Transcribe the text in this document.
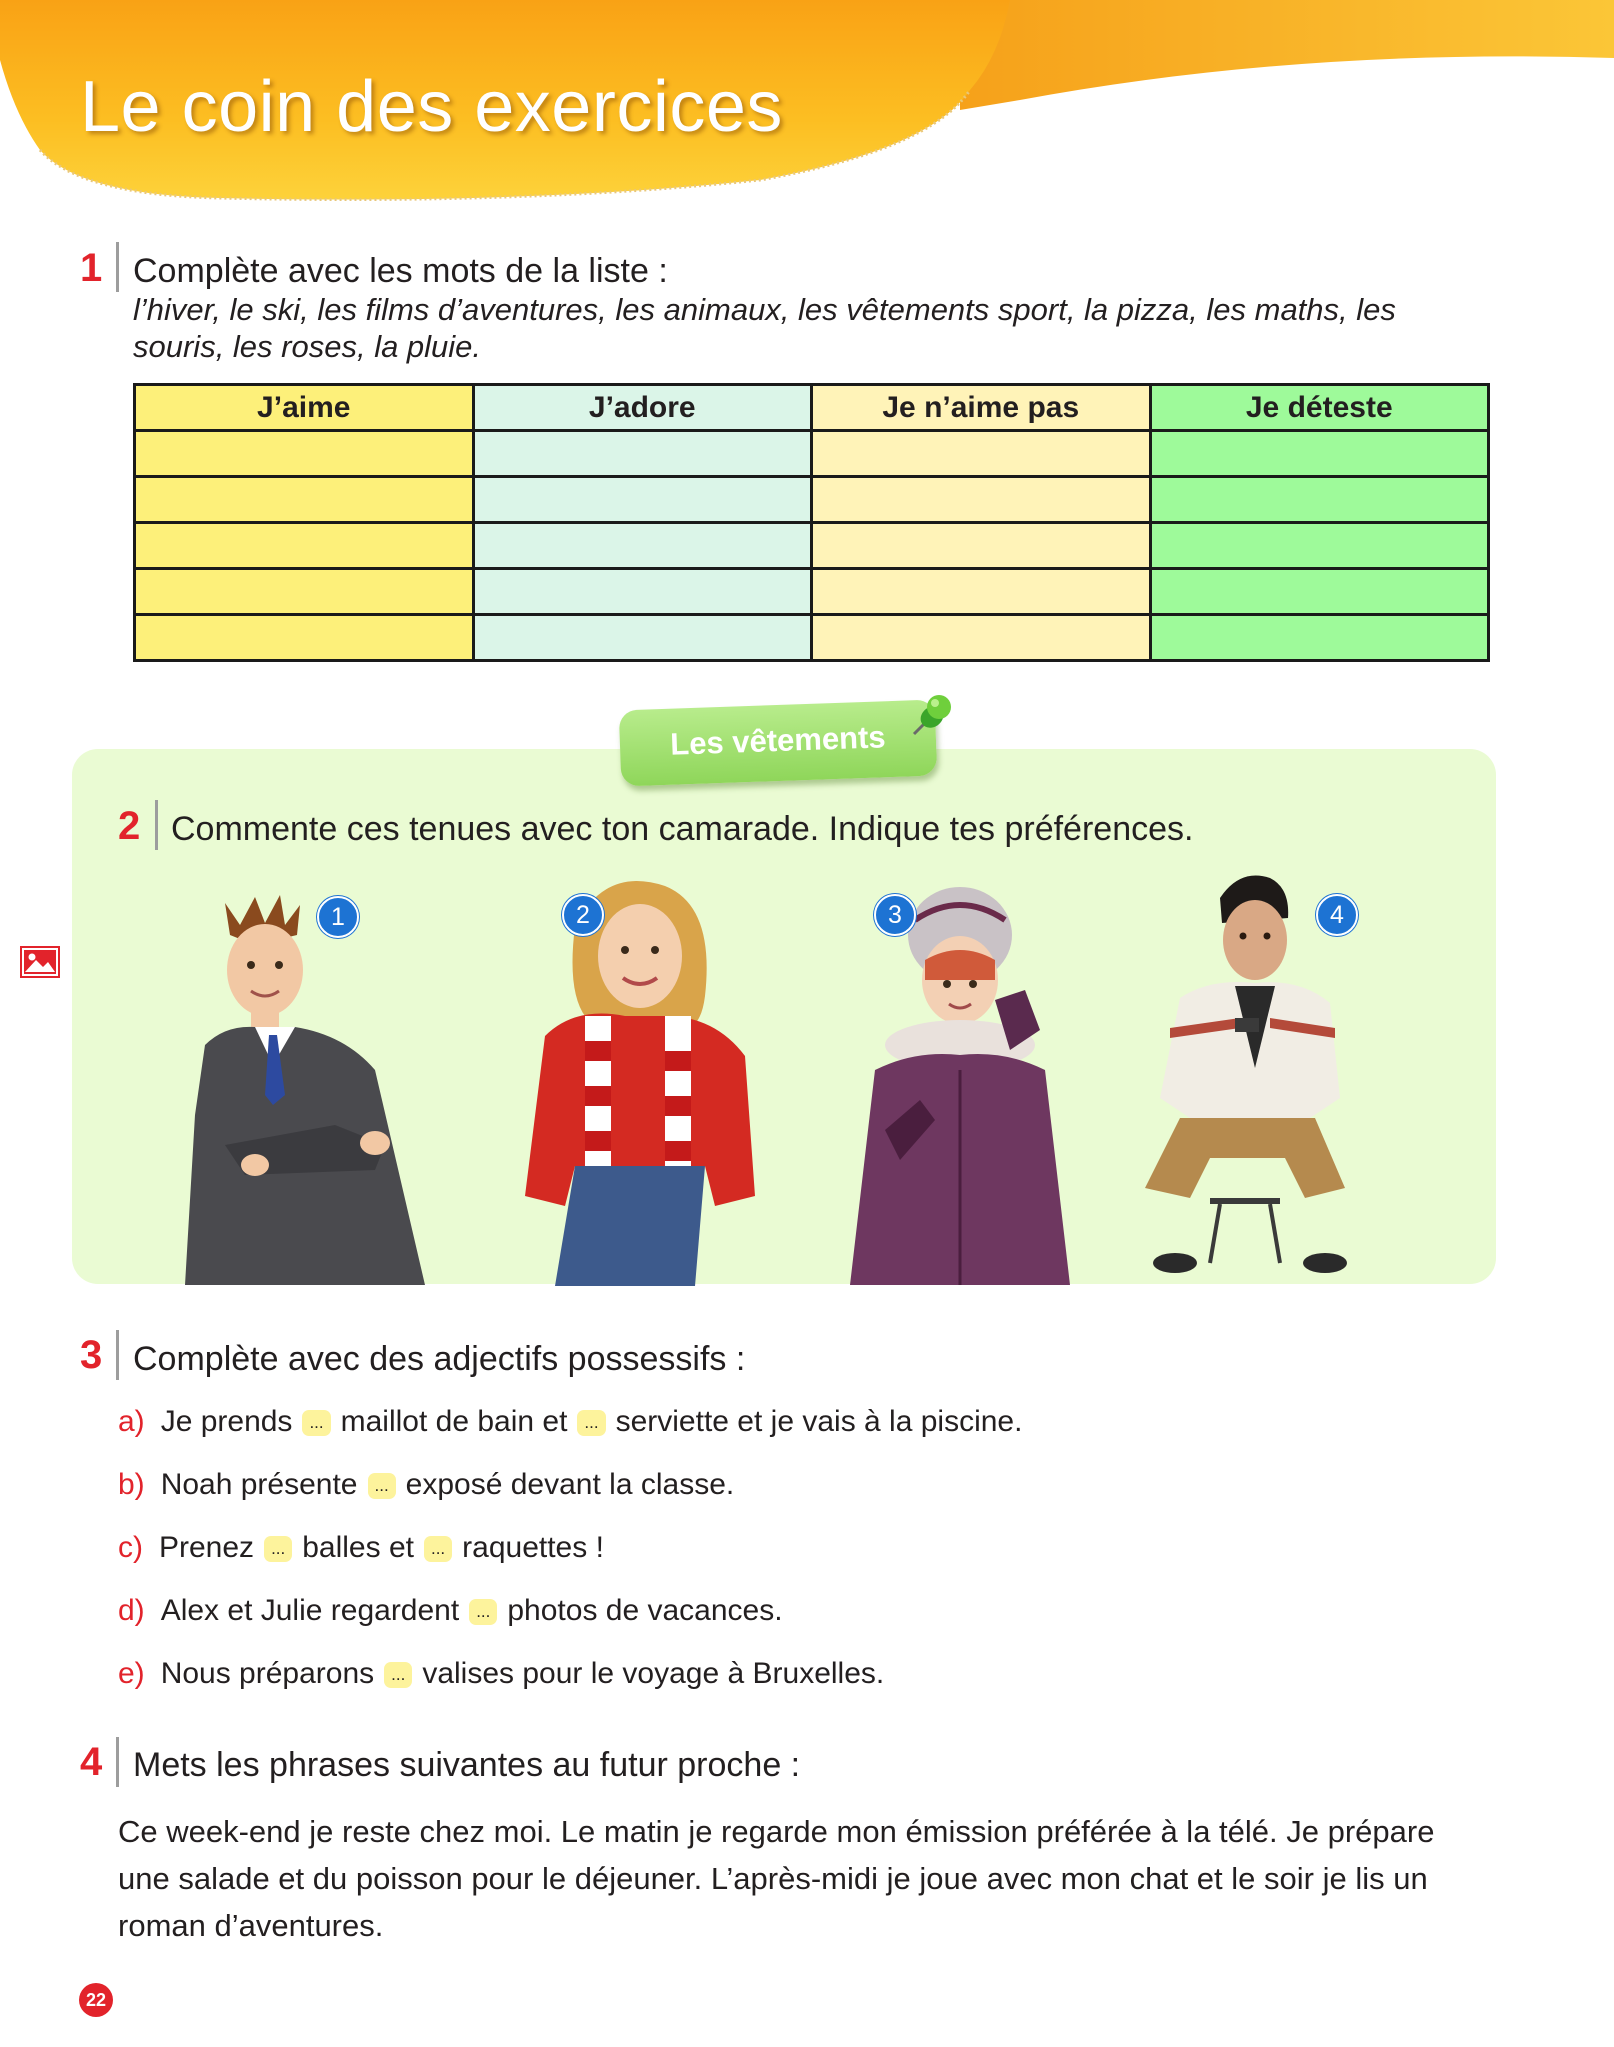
Le coin des exercices
1 Complète avec les mots de la liste :
l’hiver, le ski, les films d’aventures, les animaux, les vêtements sport, la pizza, les maths, les souris, les roses, la pluie.
J’aime	J’adore	Je n’aime pas	Je déteste

Les vêtements
2 Commente ces tenues avec ton camarade. Indique tes préférences.
1	2	3	4
3 Complète avec des adjectifs possessifs :
a) Je prends ... maillot de bain et ... serviette et je vais à la piscine.
b) Noah présente ... exposé devant la classe.
c) Prenez ... balles et ... raquettes !
d) Alex et Julie regardent ... photos de vacances.
e) Nous préparons ... valises pour le voyage à Bruxelles.
4 Mets les phrases suivantes au futur proche :
Ce week-end je reste chez moi. Le matin je regarde mon émission préférée à la télé. Je prépare une salade et du poisson pour le déjeuner. L’après-midi je joue avec mon chat et le soir je lis un roman d’aventures.
22
